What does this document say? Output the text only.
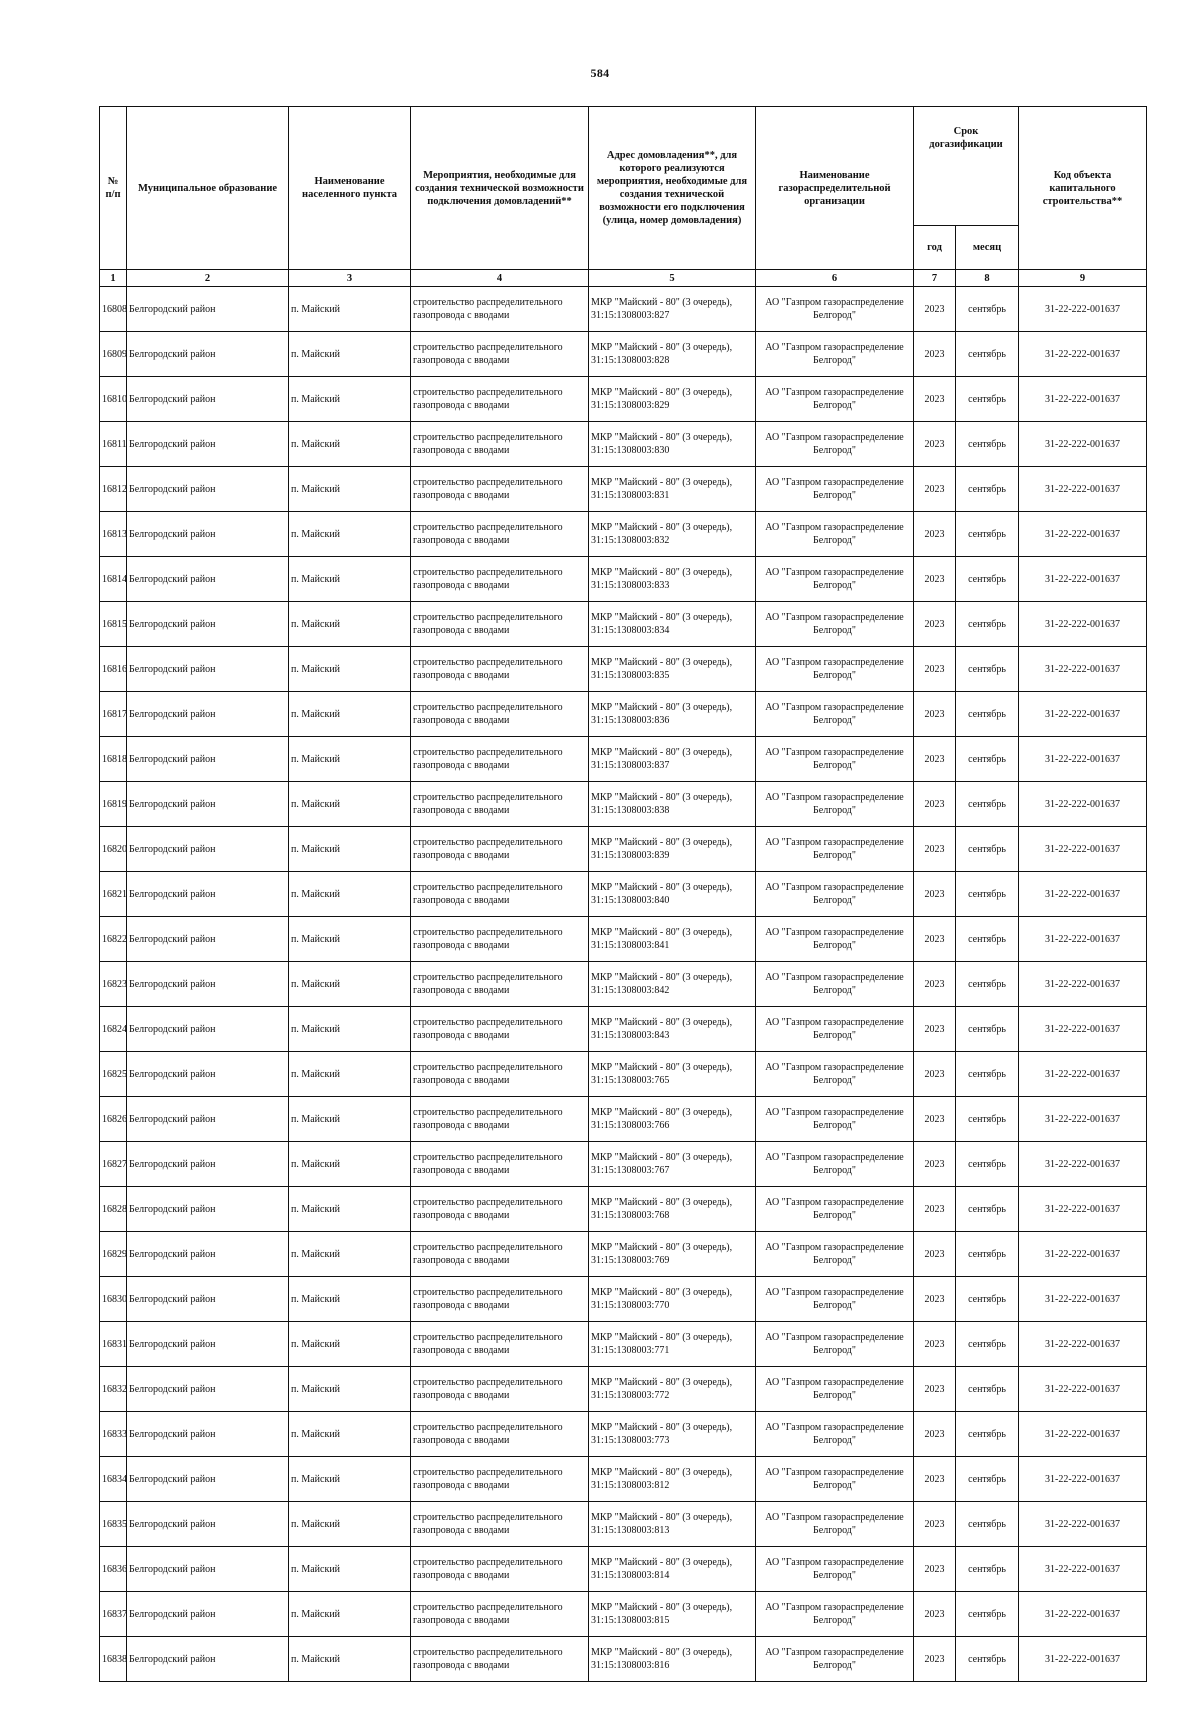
584
№ п/п	Муниципальное образование	Наименование населенного пункта	Мероприятия, необходимые для создания технической возможности подключения домовладений**	Адрес домовладения**, для которого реализуются мероприятия, необходимые для создания технической возможности его подключения (улица, номер домовладения)	Наименование газораспределительной организации	Срок догазификации		Код объекта капитального строительства**
						год	месяц	
1	2	3	4	5	6	7	8	9
16808	Белгородский район	п. Майский	строительство распределительного газопровода с вводами	МКР "Майский - 80" (3 очередь), 31:15:1308003:827	АО "Газпром газораспределение Белгород"	2023	сентябрь	31-22-222-001637
16809	Белгородский район	п. Майский	строительство распределительного газопровода с вводами	МКР "Майский - 80" (3 очередь), 31:15:1308003:828	АО "Газпром газораспределение Белгород"	2023	сентябрь	31-22-222-001637
16810	Белгородский район	п. Майский	строительство распределительного газопровода с вводами	МКР "Майский - 80" (3 очередь), 31:15:1308003:829	АО "Газпром газораспределение Белгород"	2023	сентябрь	31-22-222-001637
16811	Белгородский район	п. Майский	строительство распределительного газопровода с вводами	МКР "Майский - 80" (3 очередь), 31:15:1308003:830	АО "Газпром газораспределение Белгород"	2023	сентябрь	31-22-222-001637
16812	Белгородский район	п. Майский	строительство распределительного газопровода с вводами	МКР "Майский - 80" (3 очередь), 31:15:1308003:831	АО "Газпром газораспределение Белгород"	2023	сентябрь	31-22-222-001637
16813	Белгородский район	п. Майский	строительство распределительного газопровода с вводами	МКР "Майский - 80" (3 очередь), 31:15:1308003:832	АО "Газпром газораспределение Белгород"	2023	сентябрь	31-22-222-001637
16814	Белгородский район	п. Майский	строительство распределительного газопровода с вводами	МКР "Майский - 80" (3 очередь), 31:15:1308003:833	АО "Газпром газораспределение Белгород"	2023	сентябрь	31-22-222-001637
16815	Белгородский район	п. Майский	строительство распределительного газопровода с вводами	МКР "Майский - 80" (3 очередь), 31:15:1308003:834	АО "Газпром газораспределение Белгород"	2023	сентябрь	31-22-222-001637
16816	Белгородский район	п. Майский	строительство распределительного газопровода с вводами	МКР "Майский - 80" (3 очередь), 31:15:1308003:835	АО "Газпром газораспределение Белгород"	2023	сентябрь	31-22-222-001637
16817	Белгородский район	п. Майский	строительство распределительного газопровода с вводами	МКР "Майский - 80" (3 очередь), 31:15:1308003:836	АО "Газпром газораспределение Белгород"	2023	сентябрь	31-22-222-001637
16818	Белгородский район	п. Майский	строительство распределительного газопровода с вводами	МКР "Майский - 80" (3 очередь), 31:15:1308003:837	АО "Газпром газораспределение Белгород"	2023	сентябрь	31-22-222-001637
16819	Белгородский район	п. Майский	строительство распределительного газопровода с вводами	МКР "Майский - 80" (3 очередь), 31:15:1308003:838	АО "Газпром газораспределение Белгород"	2023	сентябрь	31-22-222-001637
16820	Белгородский район	п. Майский	строительство распределительного газопровода с вводами	МКР "Майский - 80" (3 очередь), 31:15:1308003:839	АО "Газпром газораспределение Белгород"	2023	сентябрь	31-22-222-001637
16821	Белгородский район	п. Майский	строительство распределительного газопровода с вводами	МКР "Майский - 80" (3 очередь), 31:15:1308003:840	АО "Газпром газораспределение Белгород"	2023	сентябрь	31-22-222-001637
16822	Белгородский район	п. Майский	строительство распределительного газопровода с вводами	МКР "Майский - 80" (3 очередь), 31:15:1308003:841	АО "Газпром газораспределение Белгород"	2023	сентябрь	31-22-222-001637
16823	Белгородский район	п. Майский	строительство распределительного газопровода с вводами	МКР "Майский - 80" (3 очередь), 31:15:1308003:842	АО "Газпром газораспределение Белгород"	2023	сентябрь	31-22-222-001637
16824	Белгородский район	п. Майский	строительство распределительного газопровода с вводами	МКР "Майский - 80" (3 очередь), 31:15:1308003:843	АО "Газпром газораспределение Белгород"	2023	сентябрь	31-22-222-001637
16825	Белгородский район	п. Майский	строительство распределительного газопровода с вводами	МКР "Майский - 80" (3 очередь), 31:15:1308003:765	АО "Газпром газораспределение Белгород"	2023	сентябрь	31-22-222-001637
16826	Белгородский район	п. Майский	строительство распределительного газопровода с вводами	МКР "Майский - 80" (3 очередь), 31:15:1308003:766	АО "Газпром газораспределение Белгород"	2023	сентябрь	31-22-222-001637
16827	Белгородский район	п. Майский	строительство распределительного газопровода с вводами	МКР "Майский - 80" (3 очередь), 31:15:1308003:767	АО "Газпром газораспределение Белгород"	2023	сентябрь	31-22-222-001637
16828	Белгородский район	п. Майский	строительство распределительного газопровода с вводами	МКР "Майский - 80" (3 очередь), 31:15:1308003:768	АО "Газпром газораспределение Белгород"	2023	сентябрь	31-22-222-001637
16829	Белгородский район	п. Майский	строительство распределительного газопровода с вводами	МКР "Майский - 80" (3 очередь), 31:15:1308003:769	АО "Газпром газораспределение Белгород"	2023	сентябрь	31-22-222-001637
16830	Белгородский район	п. Майский	строительство распределительного газопровода с вводами	МКР "Майский - 80" (3 очередь), 31:15:1308003:770	АО "Газпром газораспределение Белгород"	2023	сентябрь	31-22-222-001637
16831	Белгородский район	п. Майский	строительство распределительного газопровода с вводами	МКР "Майский - 80" (3 очередь), 31:15:1308003:771	АО "Газпром газораспределение Белгород"	2023	сентябрь	31-22-222-001637
16832	Белгородский район	п. Майский	строительство распределительного газопровода с вводами	МКР "Майский - 80" (3 очередь), 31:15:1308003:772	АО "Газпром газораспределение Белгород"	2023	сентябрь	31-22-222-001637
16833	Белгородский район	п. Майский	строительство распределительного газопровода с вводами	МКР "Майский - 80" (3 очередь), 31:15:1308003:773	АО "Газпром газораспределение Белгород"	2023	сентябрь	31-22-222-001637
16834	Белгородский район	п. Майский	строительство распределительного газопровода с вводами	МКР "Майский - 80" (3 очередь), 31:15:1308003:812	АО "Газпром газораспределение Белгород"	2023	сентябрь	31-22-222-001637
16835	Белгородский район	п. Майский	строительство распределительного газопровода с вводами	МКР "Майский - 80" (3 очередь), 31:15:1308003:813	АО "Газпром газораспределение Белгород"	2023	сентябрь	31-22-222-001637
16836	Белгородский район	п. Майский	строительство распределительного газопровода с вводами	МКР "Майский - 80" (3 очередь), 31:15:1308003:814	АО "Газпром газораспределение Белгород"	2023	сентябрь	31-22-222-001637
16837	Белгородский район	п. Майский	строительство распределительного газопровода с вводами	МКР "Майский - 80" (3 очередь), 31:15:1308003:815	АО "Газпром газораспределение Белгород"	2023	сентябрь	31-22-222-001637
16838	Белгородский район	п. Майский	строительство распределительного газопровода с вводами	МКР "Майский - 80" (3 очередь), 31:15:1308003:816	АО "Газпром газораспределение Белгород"	2023	сентябрь	31-22-222-001637
